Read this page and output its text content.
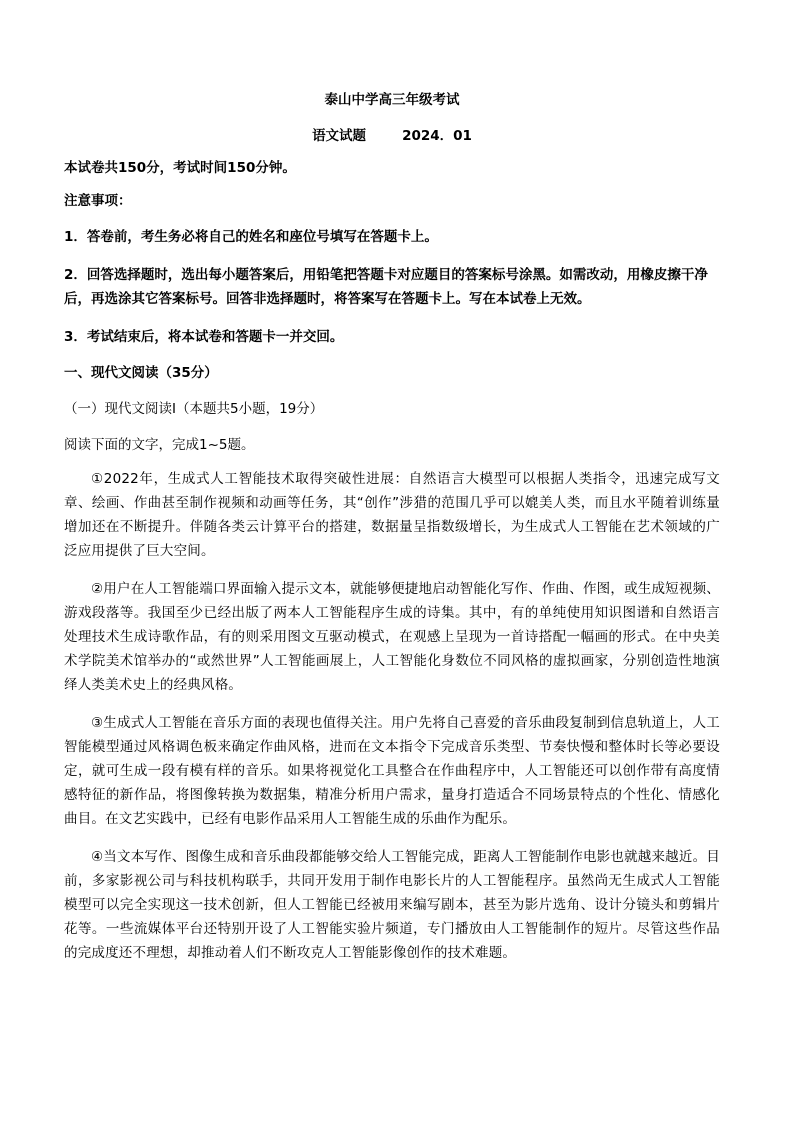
泰山中学高三年级考试
语文试题	2024．01

本试卷共150分，考试时间150分钟。

注意事项：

1．答卷前，考生务必将自己的姓名和座位号填写在答题卡上。

2．回答选择题时，选出每小题答案后，用铅笔把答题卡对应题目的答案标号涂黑。如需改动，用橡皮擦干净后，再选涂其它答案标号。回答非选择题时，将答案写在答题卡上。写在本试卷上无效。

3．考试结束后，将本试卷和答题卡一并交回。

一、现代文阅读（35分）

（一）现代文阅读Ⅰ（本题共5小题，19分）

阅读下面的文字，完成1~5题。

①2022年，生成式人工智能技术取得突破性进展：自然语言大模型可以根据人类指令，迅速完成写文章、绘画、作曲甚至制作视频和动画等任务，其“创作”涉猎的范围几乎可以媲美人类，而且水平随着训练量增加还在不断提升。伴随各类云计算平台的搭建，数据量呈指数级增长，为生成式人工智能在艺术领域的广泛应用提供了巨大空间。

②用户在人工智能端口界面输入提示文本，就能够便捷地启动智能化写作、作曲、作图，或生成短视频、游戏段落等。我国至少已经出版了两本人工智能程序生成的诗集。其中，有的单纯使用知识图谱和自然语言处理技术生成诗歌作品，有的则采用图文互驱动模式，在观感上呈现为一首诗搭配一幅画的形式。在中央美术学院美术馆举办的“或然世界”人工智能画展上，人工智能化身数位不同风格的虚拟画家，分别创造性地演绎人类美术史上的经典风格。

③生成式人工智能在音乐方面的表现也值得关注。用户先将自己喜爱的音乐曲段复制到信息轨道上，人工智能模型通过风格调色板来确定作曲风格，进而在文本指令下完成音乐类型、节奏快慢和整体时长等必要设定，就可生成一段有模有样的音乐。如果将视觉化工具整合在作曲程序中，人工智能还可以创作带有高度情感特征的新作品，将图像转换为数据集，精准分析用户需求，量身打造适合不同场景特点的个性化、情感化曲目。在文艺实践中，已经有电影作品采用人工智能生成的乐曲作为配乐。

④当文本写作、图像生成和音乐曲段都能够交给人工智能完成，距离人工智能制作电影也就越来越近。目前，多家影视公司与科技机构联手，共同开发用于制作电影长片的人工智能程序。虽然尚无生成式人工智能模型可以完全实现这一技术创新，但人工智能已经被用来编写剧本，甚至为影片选角、设计分镜头和剪辑片花等。一些流媒体平台还特别开设了人工智能实验片频道，专门播放由人工智能制作的短片。尽管这些作品的完成度还不理想，却推动着人们不断攻克人工智能影像创作的技术难题。
